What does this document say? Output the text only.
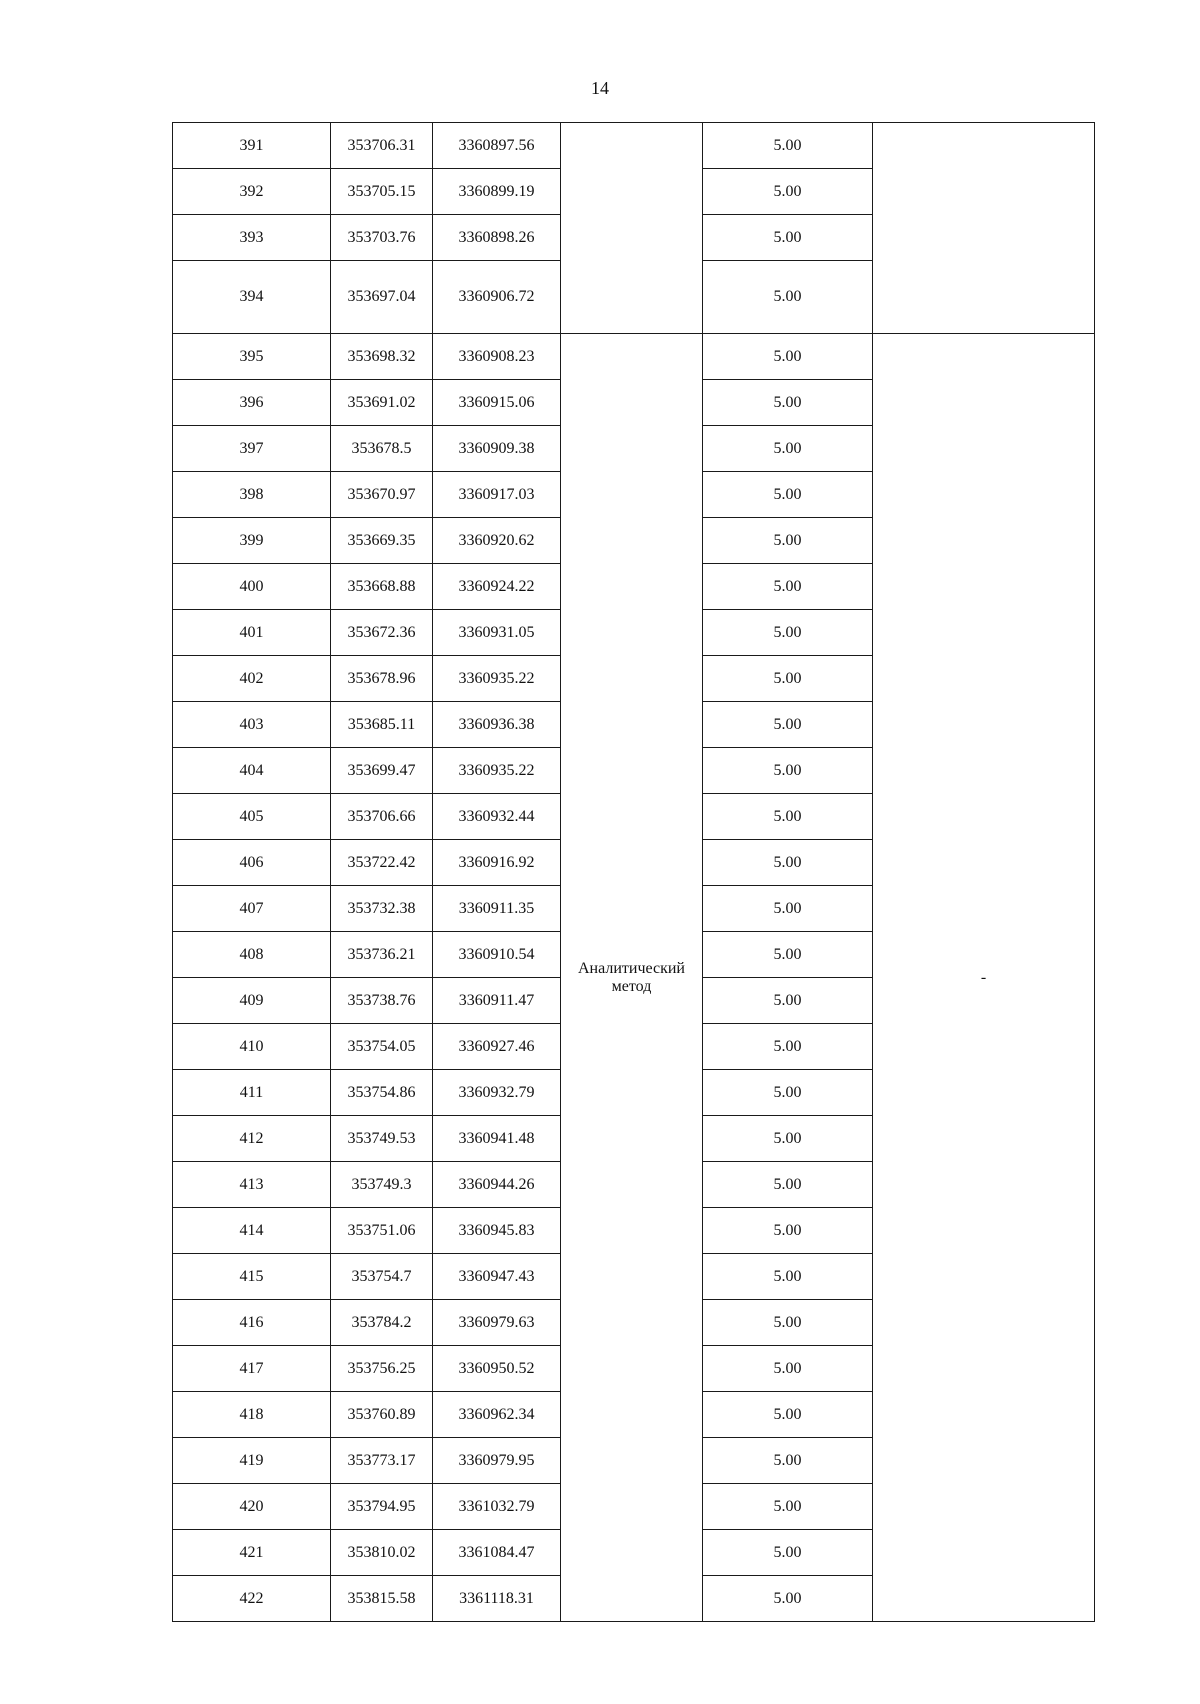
14
391	353706.31	3360897.56		5.00	
392	353705.15	3360899.19		5.00	
393	353703.76	3360898.26		5.00	
394	353697.04	3360906.72		5.00	
395	353698.32	3360908.23	Аналитический метод	5.00	-
396	353691.02	3360915.06		5.00	
397	353678.5	3360909.38		5.00	
398	353670.97	3360917.03		5.00	
399	353669.35	3360920.62		5.00	
400	353668.88	3360924.22		5.00	
401	353672.36	3360931.05		5.00	
402	353678.96	3360935.22		5.00	
403	353685.11	3360936.38		5.00	
404	353699.47	3360935.22		5.00	
405	353706.66	3360932.44		5.00	
406	353722.42	3360916.92		5.00	
407	353732.38	3360911.35		5.00	
408	353736.21	3360910.54		5.00	
409	353738.76	3360911.47		5.00	
410	353754.05	3360927.46		5.00	
411	353754.86	3360932.79		5.00	
412	353749.53	3360941.48		5.00	
413	353749.3	3360944.26		5.00	
414	353751.06	3360945.83		5.00	
415	353754.7	3360947.43		5.00	
416	353784.2	3360979.63		5.00	
417	353756.25	3360950.52		5.00	
418	353760.89	3360962.34		5.00	
419	353773.17	3360979.95		5.00	
420	353794.95	3361032.79		5.00	
421	353810.02	3361084.47		5.00	
422	353815.58	3361118.31		5.00	
